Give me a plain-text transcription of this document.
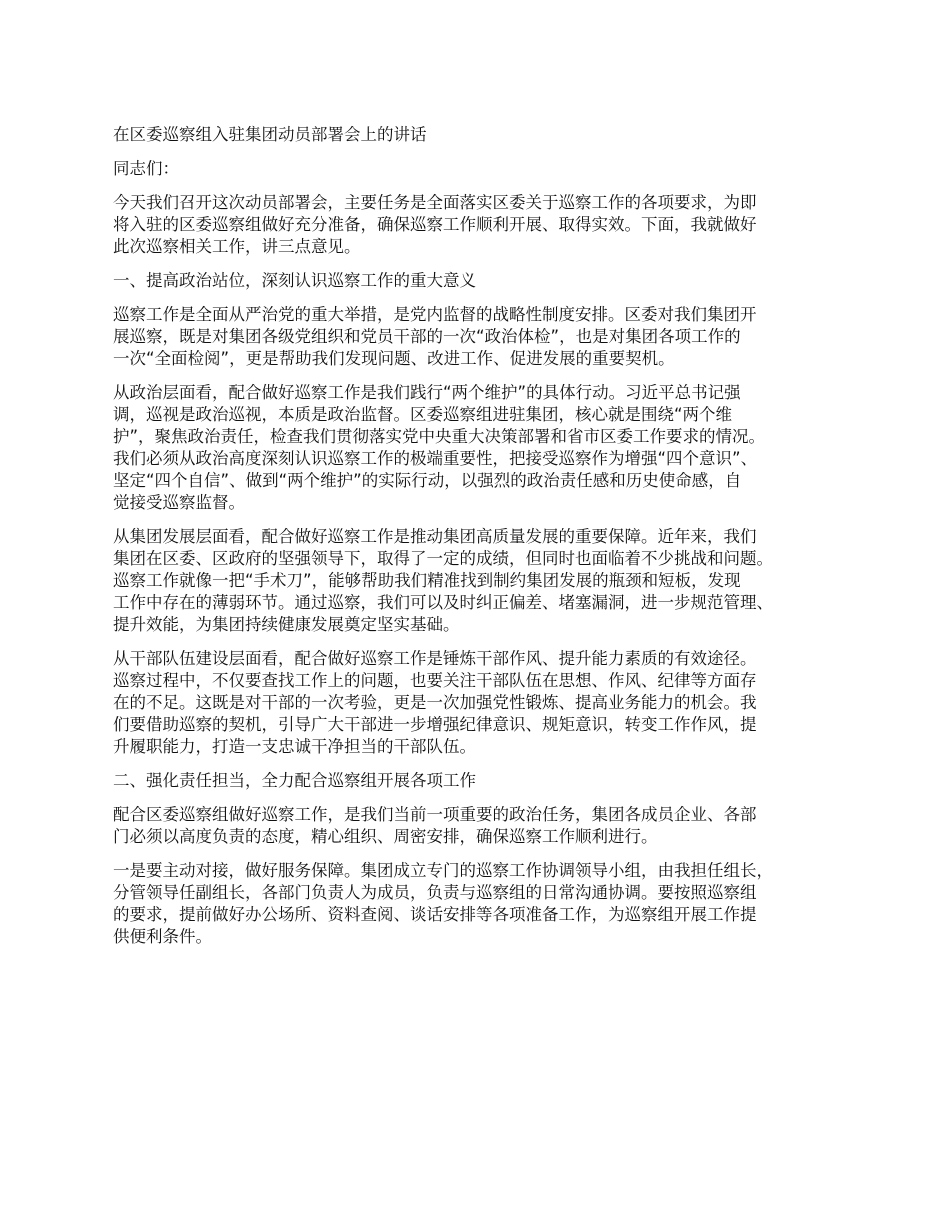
在区委巡察组入驻集团动员部署会上的讲话

同志们：

今天我们召开这次动员部署会，主要任务是全面落实区委关于巡察工作的各项要求，为即
将入驻的区委巡察组做好充分准备，确保巡察工作顺利开展、取得实效。下面，我就做好
此次巡察相关工作，讲三点意见。

一、提高政治站位，深刻认识巡察工作的重大意义

巡察工作是全面从严治党的重大举措，是党内监督的战略性制度安排。区委对我们集团开
展巡察，既是对集团各级党组织和党员干部的一次“政治体检”，也是对集团各项工作的
一次“全面检阅”，更是帮助我们发现问题、改进工作、促进发展的重要契机。

从政治层面看，配合做好巡察工作是我们践行“两个维护”的具体行动。习近平总书记强
调，巡视是政治巡视，本质是政治监督。区委巡察组进驻集团，核心就是围绕“两个维
护”，聚焦政治责任，检查我们贯彻落实党中央重大决策部署和省市区委工作要求的情况。
我们必须从政治高度深刻认识巡察工作的极端重要性，把接受巡察作为增强“四个意识”、
坚定“四个自信”、做到“两个维护”的实际行动，以强烈的政治责任感和历史使命感，自
觉接受巡察监督。

从集团发展层面看，配合做好巡察工作是推动集团高质量发展的重要保障。近年来，我们
集团在区委、区政府的坚强领导下，取得了一定的成绩，但同时也面临着不少挑战和问题。
巡察工作就像一把“手术刀”，能够帮助我们精准找到制约集团发展的瓶颈和短板，发现
工作中存在的薄弱环节。通过巡察，我们可以及时纠正偏差、堵塞漏洞，进一步规范管理、
提升效能，为集团持续健康发展奠定坚实基础。

从干部队伍建设层面看，配合做好巡察工作是锤炼干部作风、提升能力素质的有效途径。
巡察过程中，不仅要查找工作上的问题，也要关注干部队伍在思想、作风、纪律等方面存
在的不足。这既是对干部的一次考验，更是一次加强党性锻炼、提高业务能力的机会。我
们要借助巡察的契机，引导广大干部进一步增强纪律意识、规矩意识，转变工作作风，提
升履职能力，打造一支忠诚干净担当的干部队伍。

二、强化责任担当，全力配合巡察组开展各项工作

配合区委巡察组做好巡察工作，是我们当前一项重要的政治任务，集团各成员企业、各部
门必须以高度负责的态度，精心组织、周密安排，确保巡察工作顺利进行。

一是要主动对接，做好服务保障。集团成立专门的巡察工作协调领导小组，由我担任组长，
分管领导任副组长，各部门负责人为成员，负责与巡察组的日常沟通协调。要按照巡察组
的要求，提前做好办公场所、资料查阅、谈话安排等各项准备工作，为巡察组开展工作提
供便利条件。
